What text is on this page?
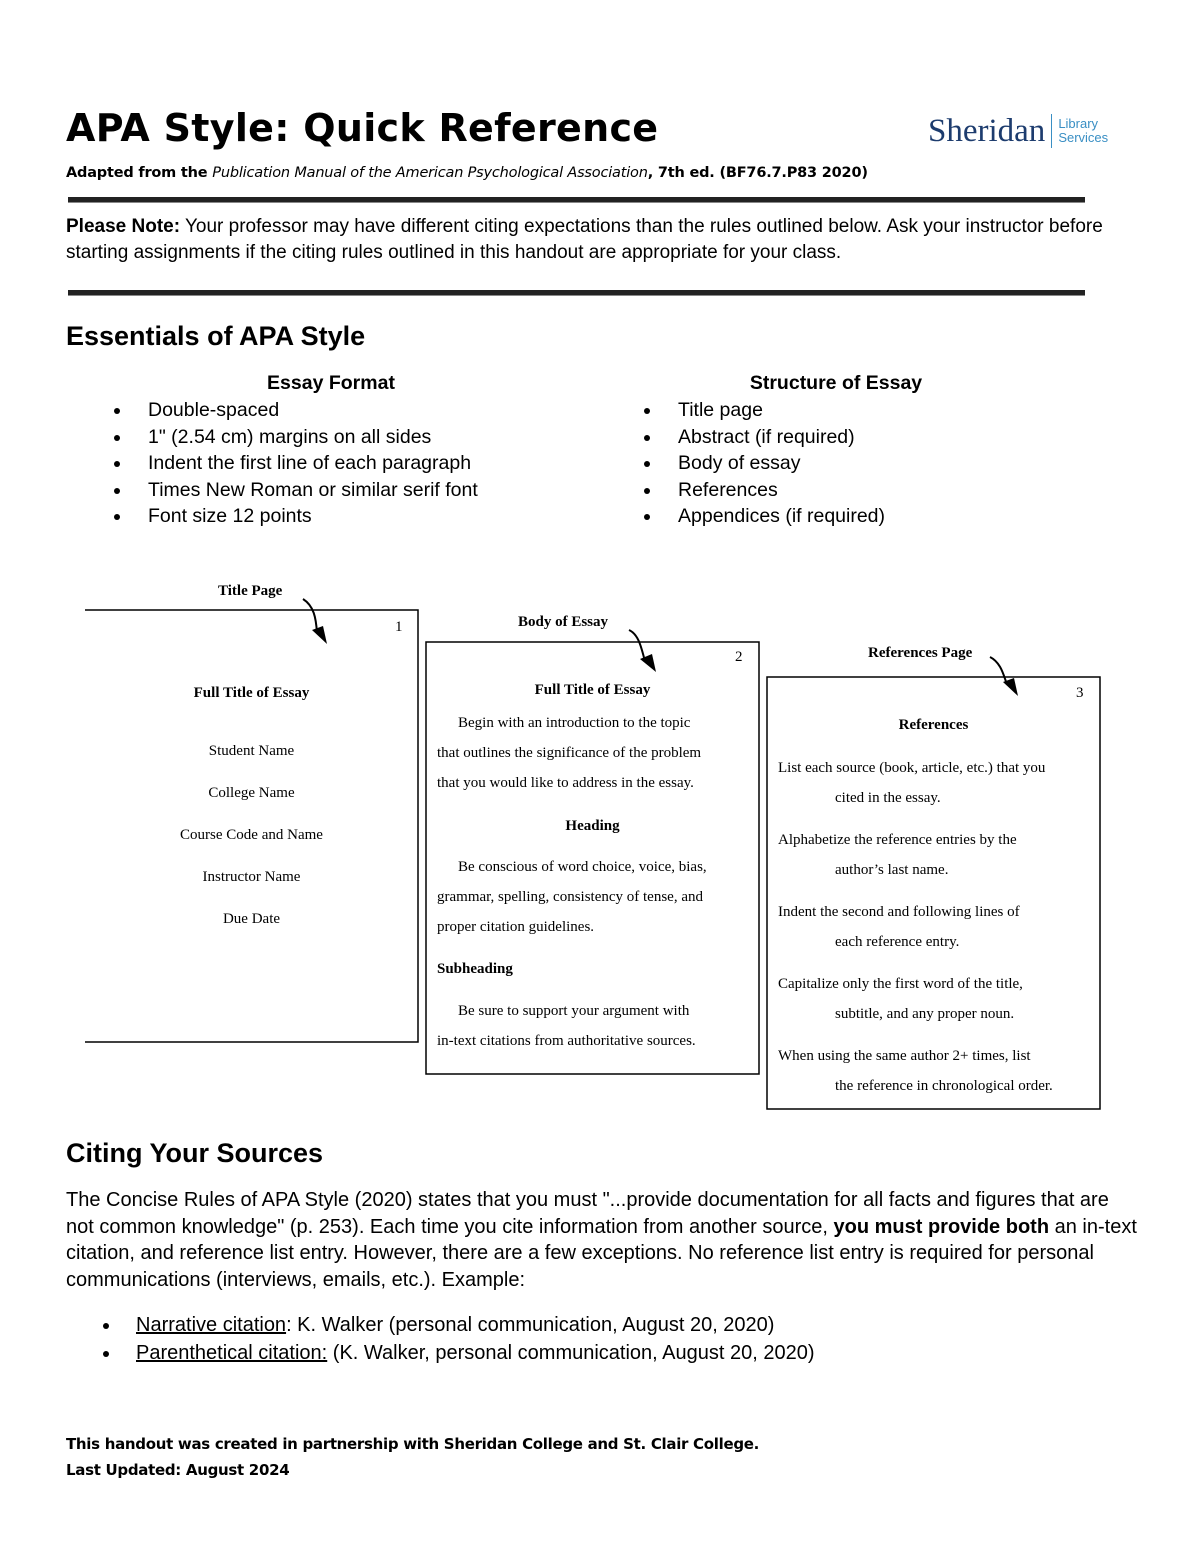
APA Style: Quick Reference	Sheridan Library
Services
Adapted from the Publication Manual of the American Psychological Association, 7th ed. (BF76.7.P83 2020)
Please Note: Your professor may have different citing expectations than the rules outlined below. Ask your instructor before starting assignments if the citing rules outlined in this handout are appropriate for your class.
Essentials of APA Style
Essay Format
Double-spaced
1" (2.54 cm) margins on all sides
Indent the first line of each paragraph
Times New Roman or similar serif font
Font size 12 points
Structure of Essay
Title page
Abstract (if required)
Body of essay
References
Appendices (if required)
Title Page
1
Full Title of Essay
Student Name
College Name
Course Code and Name
Instructor Name
Due Date
Body of Essay
2
Full Title of Essay
Begin with an introduction to the topic
that outlines the significance of the problem
that you would like to address in the essay.
Heading
Be conscious of word choice, voice, bias,
grammar, spelling, consistency of tense, and
proper citation guidelines.
Subheading
Be sure to support your argument with
in-text citations from authoritative sources.
References Page
3
References
List each source (book, article, etc.) that you
cited in the essay.
Alphabetize the reference entries by the
author’s last name.
Indent the second and following lines of
each reference entry.
Capitalize only the first word of the title,
subtitle, and any proper noun.
When using the same author 2+ times, list
the reference in chronological order.
Citing Your Sources
The Concise Rules of APA Style (2020) states that you must "...provide documentation for all facts and figures that are not common knowledge" (p. 253). Each time you cite information from another source, you must provide both an in-text citation, and reference list entry. However, there are a few exceptions. No reference list entry is required for personal communications (interviews, emails, etc.). Example:
Narrative citation: K. Walker (personal communication, August 20, 2020)
Parenthetical citation: (K. Walker, personal communication, August 20, 2020)
This handout was created in partnership with Sheridan College and St. Clair College.
Last Updated: August 2024
